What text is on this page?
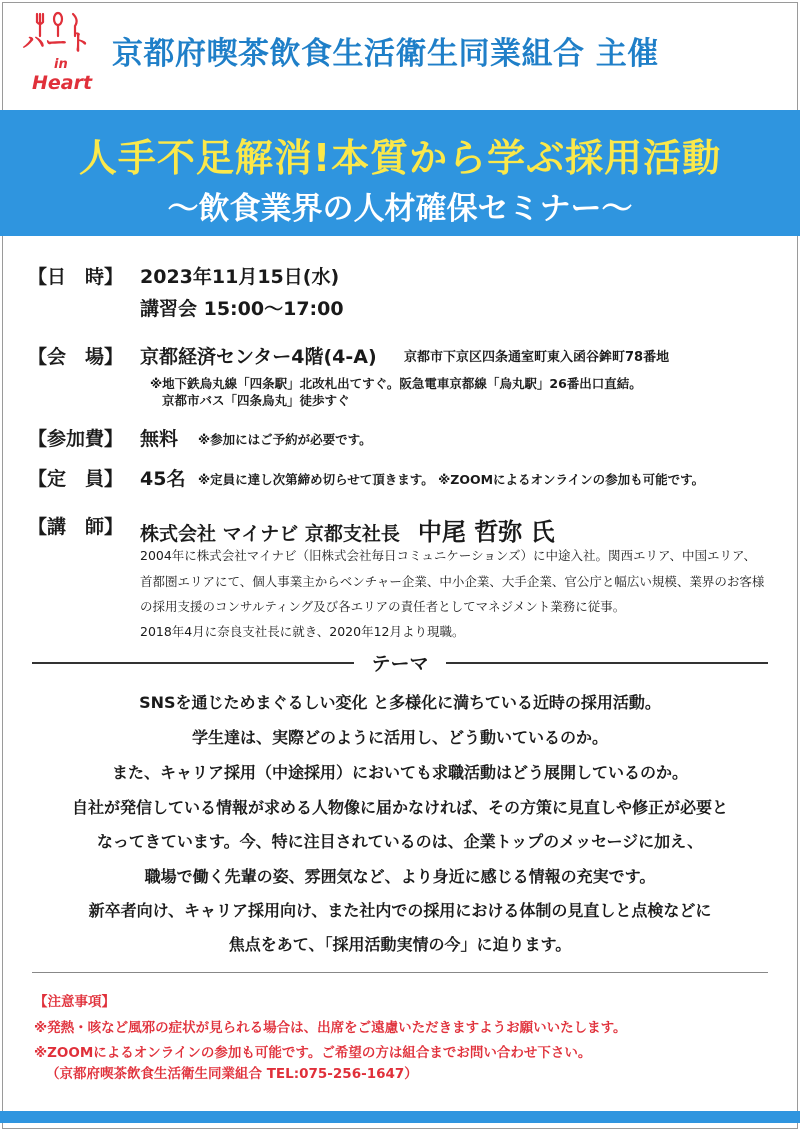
ハート
in
Heart
京都府喫茶飲食生活衛生同業組合 主催
人手不足解消!本質から学ぶ採用活動
〜飲食業界の人材確保セミナー〜
【日　時】 2023年11月15日(水)
講習会 15:00〜17:00
【会　場】 京都経済センター4階(4-A) 京都市下京区四条通室町東入函谷鉾町78番地
※地下鉄烏丸線「四条駅」北改札出てすぐ。阪急電車京都線「烏丸駅」26番出口直結。
京都市バス「四条烏丸」徒歩すぐ
【参加費】 無料 ※参加にはご予約が必要です。
【定　員】 45名 ※定員に達し次第締め切らせて頂きます。 ※ZOOMによるオンラインの参加も可能です。
【講　師】 株式会社 マイナビ 京都支社長 中尾 哲弥 氏
2004年に株式会社マイナビ（旧株式会社毎日コミュニケーションズ）に中途入社。関西エリア、中国エリア、
首都圏エリアにて、個人事業主からベンチャー企業、中小企業、大手企業、官公庁と幅広い規模、業界のお客様
の採用支援のコンサルティング及び各エリアの責任者としてマネジメント業務に従事。
2018年4月に奈良支社長に就き、2020年12月より現職。
テーマ
SNSを通じためまぐるしい変化 と多様化に満ちている近時の採用活動。
学生達は、実際どのように活用し、どう動いているのか。
また、キャリア採用（中途採用）においても求職活動はどう展開しているのか。
自社が発信している情報が求める人物像に届かなければ、その方策に見直しや修正が必要と
なってきています。今、特に注目されているのは、企業トップのメッセージに加え、
職場で働く先輩の姿、雰囲気など、より身近に感じる情報の充実です。
新卒者向け、キャリア採用向け、また社内での採用における体制の見直しと点検などに
焦点をあて、「採用活動実情の今」に迫ります。
【注意事項】
※発熱・咳など風邪の症状が見られる場合は、出席をご遠慮いただきますようお願いいたします。
※ZOOMによるオンラインの参加も可能です。ご希望の方は組合までお問い合わせ下さい。
（京都府喫茶飲食生活衛生同業組合 TEL:075-256-1647）
